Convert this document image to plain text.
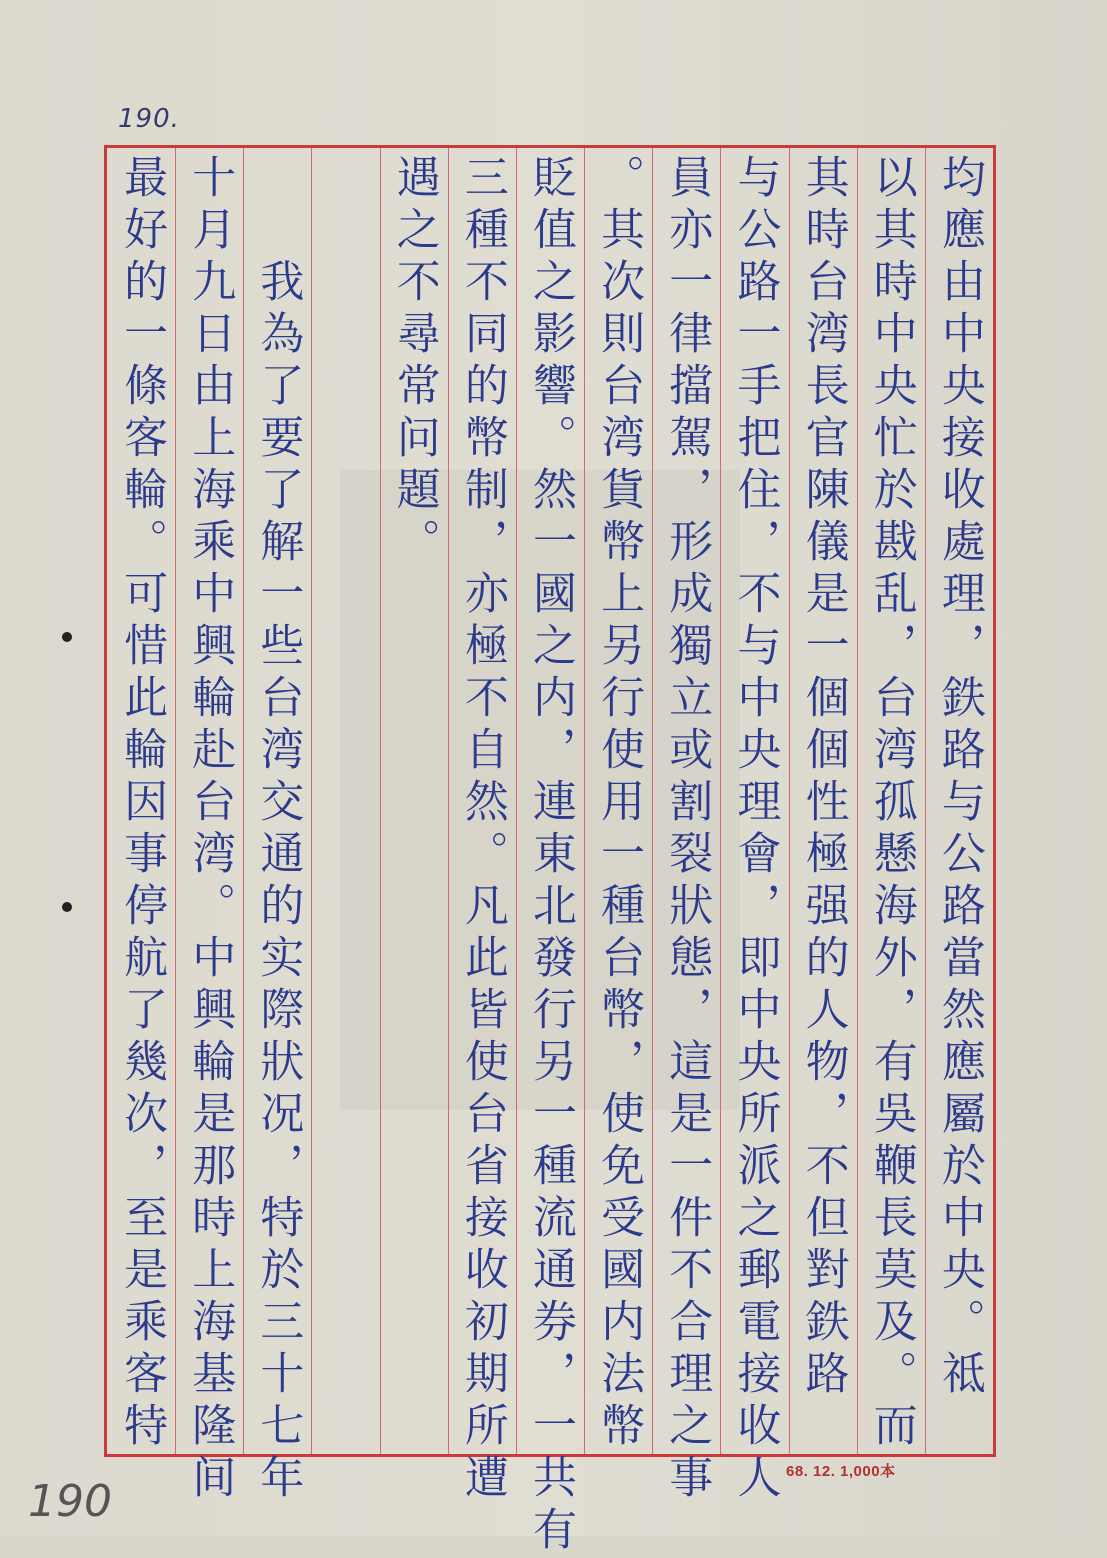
190.
均應由中央接收處理，鉄路与公路當然應屬於中央。祗
以其時中央忙於戡乱，台湾孤懸海外，有吳鞭長莫及。而
其時台湾長官陳儀是一個個性極强的人物，不但對鉄路
与公路一手把住，不与中央理會，即中央所派之郵電接收人
員亦一律擋駕，形成獨立或割裂狀態，這是一件不合理之事
。其次則台湾貨幣上另行使用一種台幣，使免受國内法幣
貶值之影響。然一國之内，連東北發行另一種流通券，一共有
三種不同的幣制，亦極不自然。凡此皆使台省接收初期所遭
遇之不尋常问題。
我為了要了解一些台湾交通的实際狀况，特於三十七年
十月九日由上海乘中興輪赴台湾。中興輪是那時上海基隆间
最好的一條客輪。可惜此輪因事停航了幾次，至是乘客特
68. 12. 1,000本
190
